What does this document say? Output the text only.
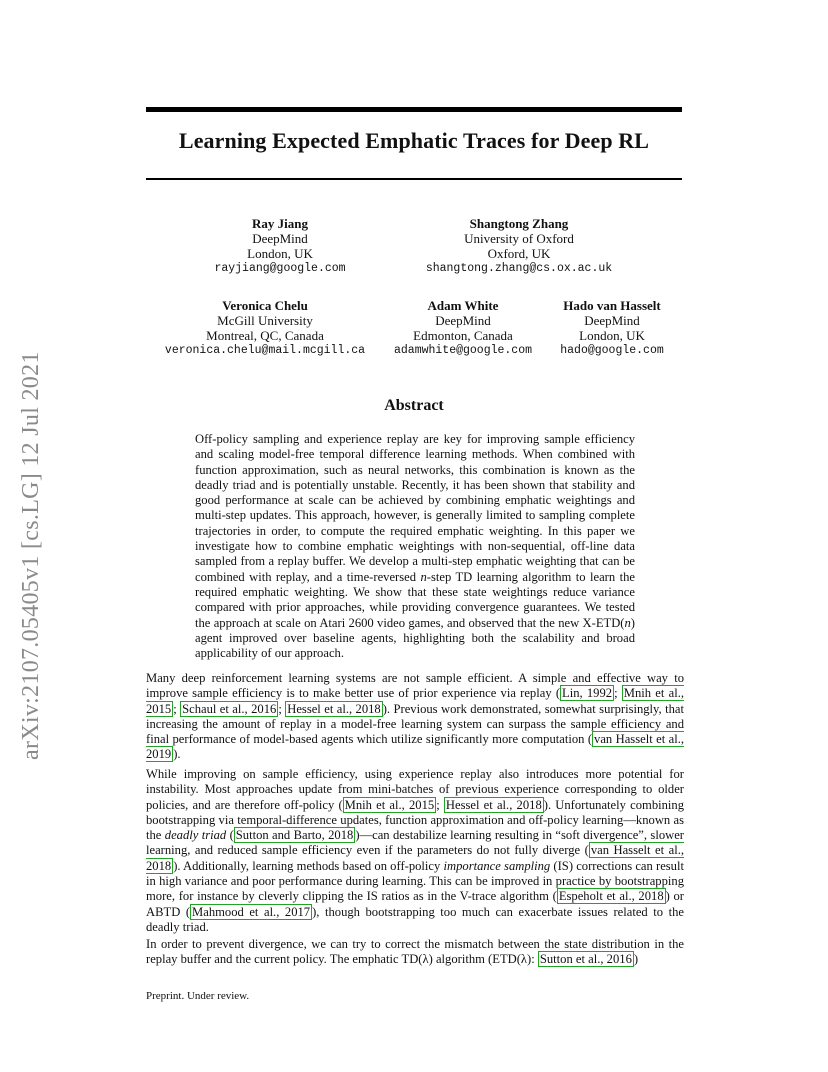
Learning Expected Emphatic Traces for Deep RL
arXiv:2107.05405v1 [cs.LG] 12 Jul 2021
Ray Jiang
DeepMind
London, UK
rayjiang@google.com
Shangtong Zhang
University of Oxford
Oxford, UK
shangtong.zhang@cs.ox.ac.uk
Veronica Chelu
McGill University
Montreal, QC, Canada
veronica.chelu@mail.mcgill.ca
Adam White
DeepMind
Edmonton, Canada
adamwhite@google.com
Hado van Hasselt
DeepMind
London, UK
hado@google.com
Abstract
Off-policy sampling and experience replay are key for improving sample efficiency and scaling model-free temporal difference learning methods. When combined with function approximation, such as neural networks, this combination is known as the deadly triad and is potentially unstable. Recently, it has been shown that stability and good performance at scale can be achieved by combining emphatic weightings and multi-step updates. This approach, however, is generally limited to sampling complete trajectories in order, to compute the required emphatic weighting. In this paper we investigate how to combine emphatic weightings with non-sequential, off-line data sampled from a replay buffer. We develop a multi-step emphatic weighting that can be combined with replay, and a time-reversed n-step TD learning algorithm to learn the required emphatic weighting. We show that these state weightings reduce variance compared with prior approaches, while providing convergence guarantees. We tested the approach at scale on Atari 2600 video games, and observed that the new X-ETD(n) agent improved over baseline agents, highlighting both the scalability and broad applicability of our approach.
Many deep reinforcement learning systems are not sample efficient. A simple and effective way to improve sample efficiency is to make better use of prior experience via replay ( Lin, 1992 ; Mnih et al., 2015 ; Schaul et al., 2016 ; Hessel et al., 2018 ). Previous work demonstrated, somewhat surprisingly, that increasing the amount of replay in a model-free learning system can surpass the sample efficiency and final performance of model-based agents which utilize significantly more computation ( van Hasselt et al., 2019 ).
While improving on sample efficiency, using experience replay also introduces more potential for instability. Most approaches update from mini-batches of previous experience corresponding to older policies, and are therefore off-policy ( Mnih et al., 2015 ; Hessel et al., 2018 ). Unfortunately combining bootstrapping via temporal-difference updates, function approximation and off-policy learning—known as the deadly triad ( Sutton and Barto, 2018 )—can destabilize learning resulting in “soft divergence”, slower learning, and reduced sample efficiency even if the parameters do not fully diverge ( van Hasselt et al., 2018 ). Additionally, learning methods based on off-policy importance sampling (IS) corrections can result in high variance and poor performance during learning. This can be improved in practice by bootstrapping more, for instance by cleverly clipping the IS ratios as in the V-trace algorithm ( Espeholt et al., 2018 ) or ABTD ( Mahmood et al., 2017 ), though bootstrapping too much can exacerbate issues related to the deadly triad.
In order to prevent divergence, we can try to correct the mismatch between the state distribution in the replay buffer and the current policy. The emphatic TD(λ) algorithm (ETD(λ): Sutton et al., 2016 )
Preprint. Under review.
